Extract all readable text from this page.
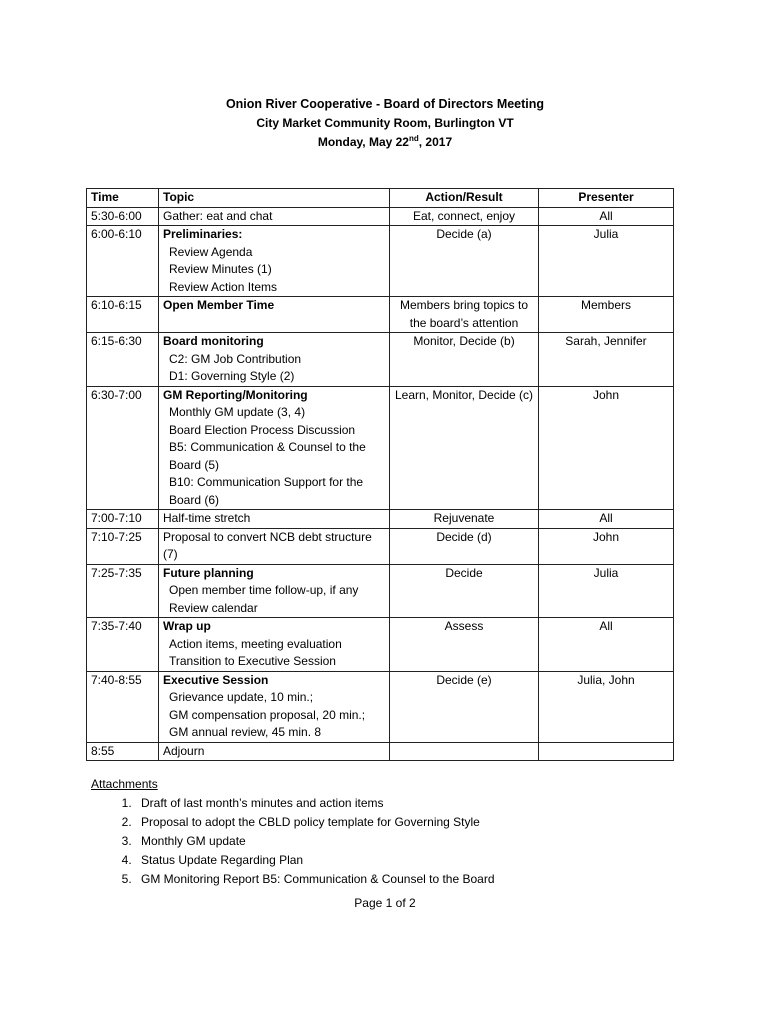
Onion River Cooperative - Board of Directors Meeting
City Market Community Room, Burlington VT
Monday, May 22nd, 2017
Time	Topic	Action/Result	Presenter
5:30-6:00	Gather: eat and chat	Eat, connect, enjoy	All
6:00-6:10	Preliminaries:
Review Agenda
Review Minutes (1)
Review Action Items	Decide (a)	Julia
6:10-6:15	Open Member Time	Members bring topics to the board’s attention	Members
6:15-6:30	Board monitoring
C2: GM Job Contribution
D1: Governing Style (2)	Monitor, Decide (b)	Sarah, Jennifer
6:30-7:00	GM Reporting/Monitoring
Monthly GM update (3, 4)
Board Election Process Discussion
B5: Communication & Counsel to the Board (5)
B10: Communication Support for the Board (6)	Learn, Monitor, Decide (c)	John
7:00-7:10	Half-time stretch	Rejuvenate	All
7:10-7:25	Proposal to convert NCB debt structure (7)	Decide (d)	John
7:25-7:35	Future planning
Open member time follow-up, if any
Review calendar	Decide	Julia
7:35-7:40	Wrap up
Action items, meeting evaluation
Transition to Executive Session	Assess	All
7:40-8:55	Executive Session
Grievance update, 10 min.;
GM compensation proposal, 20 min.;
GM annual review, 45 min. 8	Decide (e)	Julia, John
8:55	Adjourn		

Attachments
1. Draft of last month’s minutes and action items
2. Proposal to adopt the CBLD policy template for Governing Style
3. Monthly GM update
4. Status Update Regarding Plan
5. GM Monitoring Report B5: Communication & Counsel to the Board
Page 1 of 2
